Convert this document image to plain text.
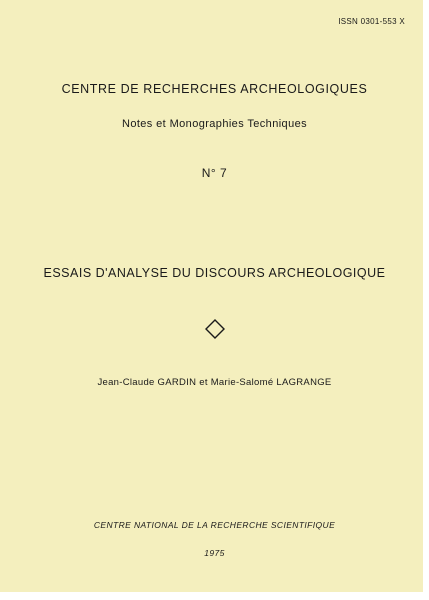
ISSN 0301-553 X
CENTRE DE RECHERCHES ARCHEOLOGIQUES
Notes et Monographies Techniques
N° 7
ESSAIS D'ANALYSE DU DISCOURS ARCHEOLOGIQUE
Jean-Claude GARDIN et Marie-Salomé LAGRANGE
CENTRE NATIONAL DE LA RECHERCHE SCIENTIFIQUE
1975
